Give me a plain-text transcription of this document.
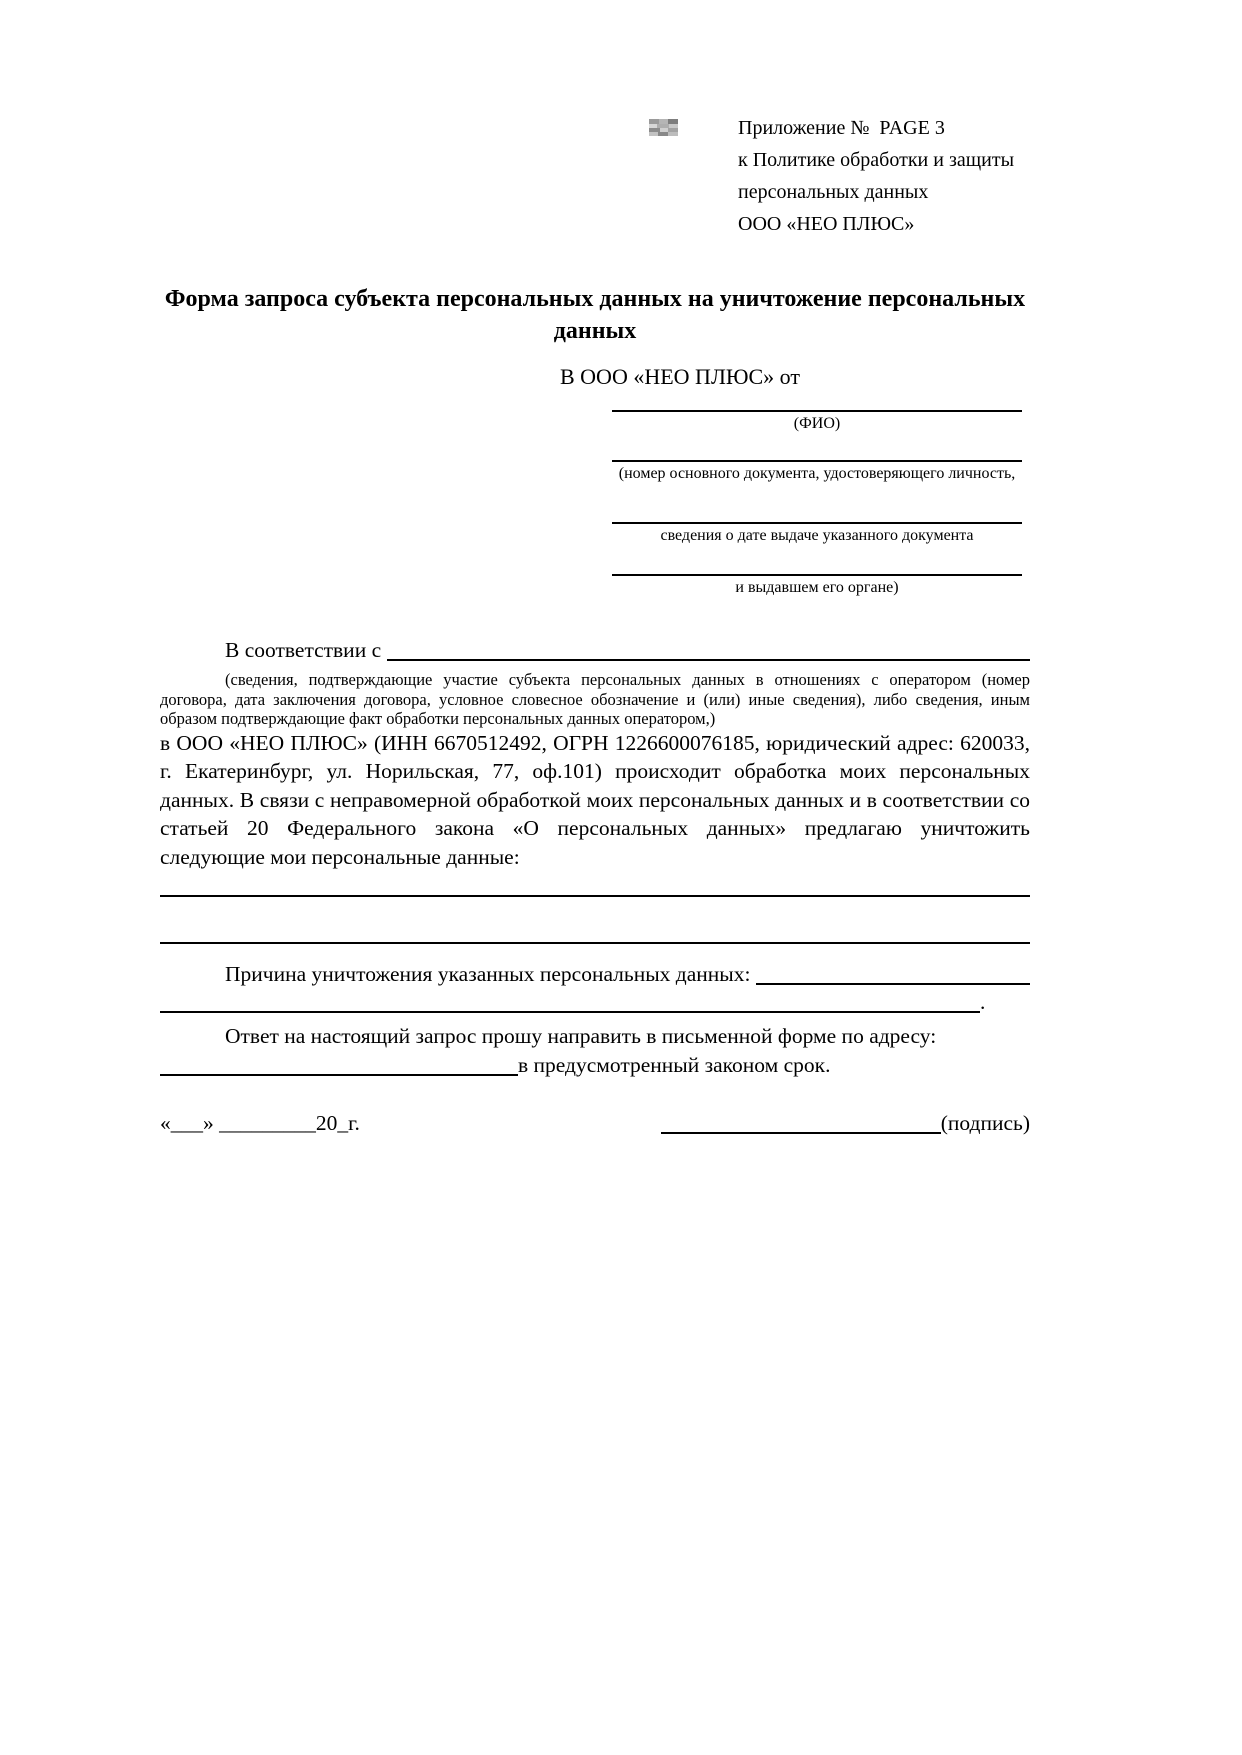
Приложение №  PAGE 3
к Политике обработки и защиты
персональных данных
ООО «НЕО ПЛЮС»
Форма запроса субъекта персональных данных на уничтожение персональных данных
В ООО «НЕО ПЛЮС» от
(ФИО)
(номер основного документа, удостоверяющего личность,
сведения о дате выдаче указанного документа
и выдавшем его органе)
В соответствии с
(сведения, подтверждающие участие субъекта персональных данных в отношениях с оператором (номер договора, дата заключения договора, условное словесное обозначение и (или) иные сведения), либо сведения, иным образом подтверждающие факт обработки персональных данных оператором,)
в ООО «НЕО ПЛЮС» (ИНН 6670512492, ОГРН 1226600076185, юридический адрес: 620033, г. Екатеринбург, ул. Норильская, 77, оф.101) происходит обработка моих персональных данных. В связи с неправомерной обработкой моих персональных данных и в соответствии со статьей 20 Федерального закона «О персональных данных» предлагаю уничтожить следующие мои персональные данные:
Причина уничтожения указанных персональных данных:
.
Ответ на настоящий запрос прошу направить в письменной форме по адресу:
в предусмотренный законом срок.
«___» _________20_г.	(подпись)
